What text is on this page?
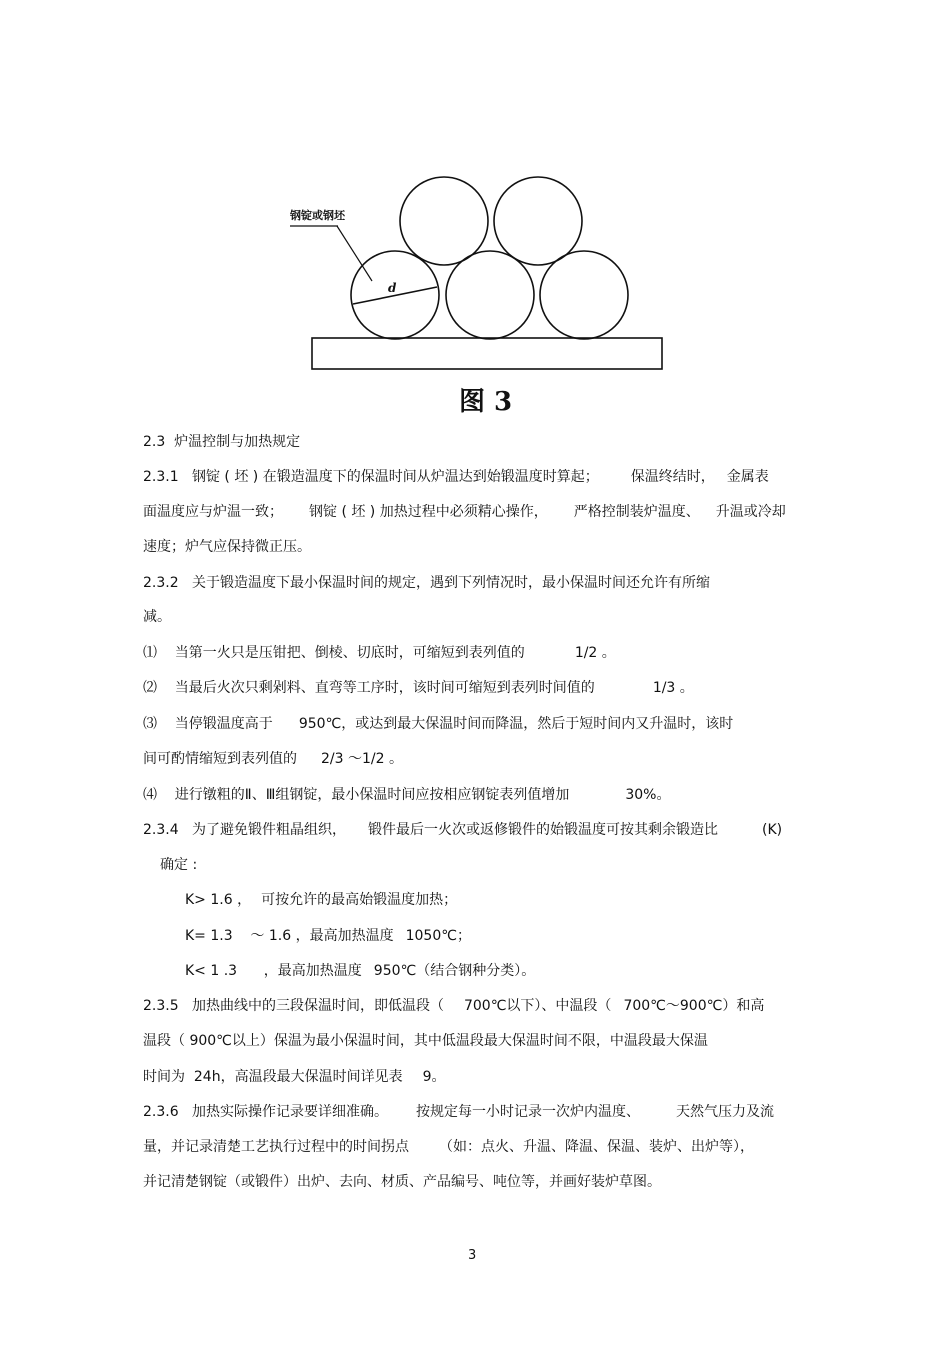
钢锭或钢坯
d
图 3

2.3  炉温控制与加热规定

2.3.1   钢锭 ( 坯 ) 在锻造温度下的保温时间从炉温达到始锻温度时算起； 保温终结时， 金属表

面温度应与炉温一致； 钢锭 ( 坯 ) 加热过程中必须精心操作， 严格控制装炉温度、 升温或冷却

速度；炉气应保持微正压。

2.3.2   关于锻造温度下最小保温时间的规定，遇到下列情况时，最小保温时间还允许有所缩

减。

⑴    当第一火只是压钳把、倒棱、切底时，可缩短到表列值的	1/2 。

⑵    当最后火次只剩剁料、直弯等工序时，该时间可缩短到表列时间值的	1/3 。

⑶    当停锻温度高于 950℃，或达到最大保温时间而降温，然后于短时间内又升温时，该时

间可酌情缩短到表列值的 2/3 ～1/2 。

⑷    进行镦粗的Ⅱ、Ⅲ组钢锭，最小保温时间应按相应钢锭表列值增加	30%。

2.3.4   为了避免锻件粗晶组织， 锻件最后一火次或返修锻件的始锻温度可按其剩余锻造比	(K)

确定 :

K> 1.6 ， 可按允许的最高始锻温度加热；

K= 1.3    ～ 1.6 ，最高加热温度 1050℃；

K< 1 .3      ，最高加热温度 950℃（结合钢种分类）。

2.3.5   加热曲线中的三段保温时间，即低温段（ 700℃以下）、中温段（ 700℃～900℃）和高

温段（ 900℃以上）保温为最小保温时间，其中低温段最大保温时间不限，中温段最大保温

时间为  24h，高温段最大保温时间详见表 9。

2.3.6   加热实际操作记录要详细准确。 按规定每一小时记录一次炉内温度、	天然气压力及流

量，并记录清楚工艺执行过程中的时间拐点 （如：点火、升温、降温、保温、装炉、出炉等），

并记清楚钢锭（或锻件）出炉、去向、材质、产品编号、吨位等，并画好装炉草图。

3
